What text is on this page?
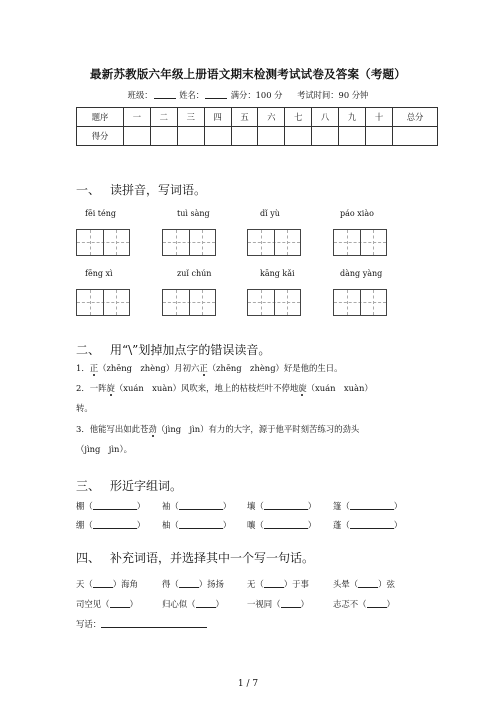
最新苏教版六年级上册语文期末检测考试试卷及答案（考题）
班级：	姓名：	满分：100 分 考试时间：90 分钟
题序	一	二	三	四	五	六	七	八	九	十	总分
得分											
一、 读拼音，写词语。
fēi téng	tuì sàng	dǐ yù	páo xiào
fēng xì	zuǐ chún	kāng kǎi	dàng yàng
二、 用“\”划掉加点字的错误读音。
1．正（zhēng　zhèng）月初六正（zhēng　zhèng）好是他的生日。
2．一阵旋（xuán　xuàn）风吹来，地上的枯枝烂叶不停地旋（xuán　xuàn）
转。
3．他能写出如此苍劲（jìng　jìn）有力的大字，源于他平时刻苦练习的劲头
（jìng　jìn）。
三、 形近字组词。
棚（	） 袖（	） 壤（	） 篷（	）
绷（	） 柚（	） 嚷（	） 蓬（	）
四、 补充词语，并选择其中一个写一句话。
天（ ）海角	得（ ）扬扬	无（ ）于事	头晕（ ）弦
司空见（ ）	归心似（ ）	一视同（ ）	志忑不（ ）
写话：
1 / 7
